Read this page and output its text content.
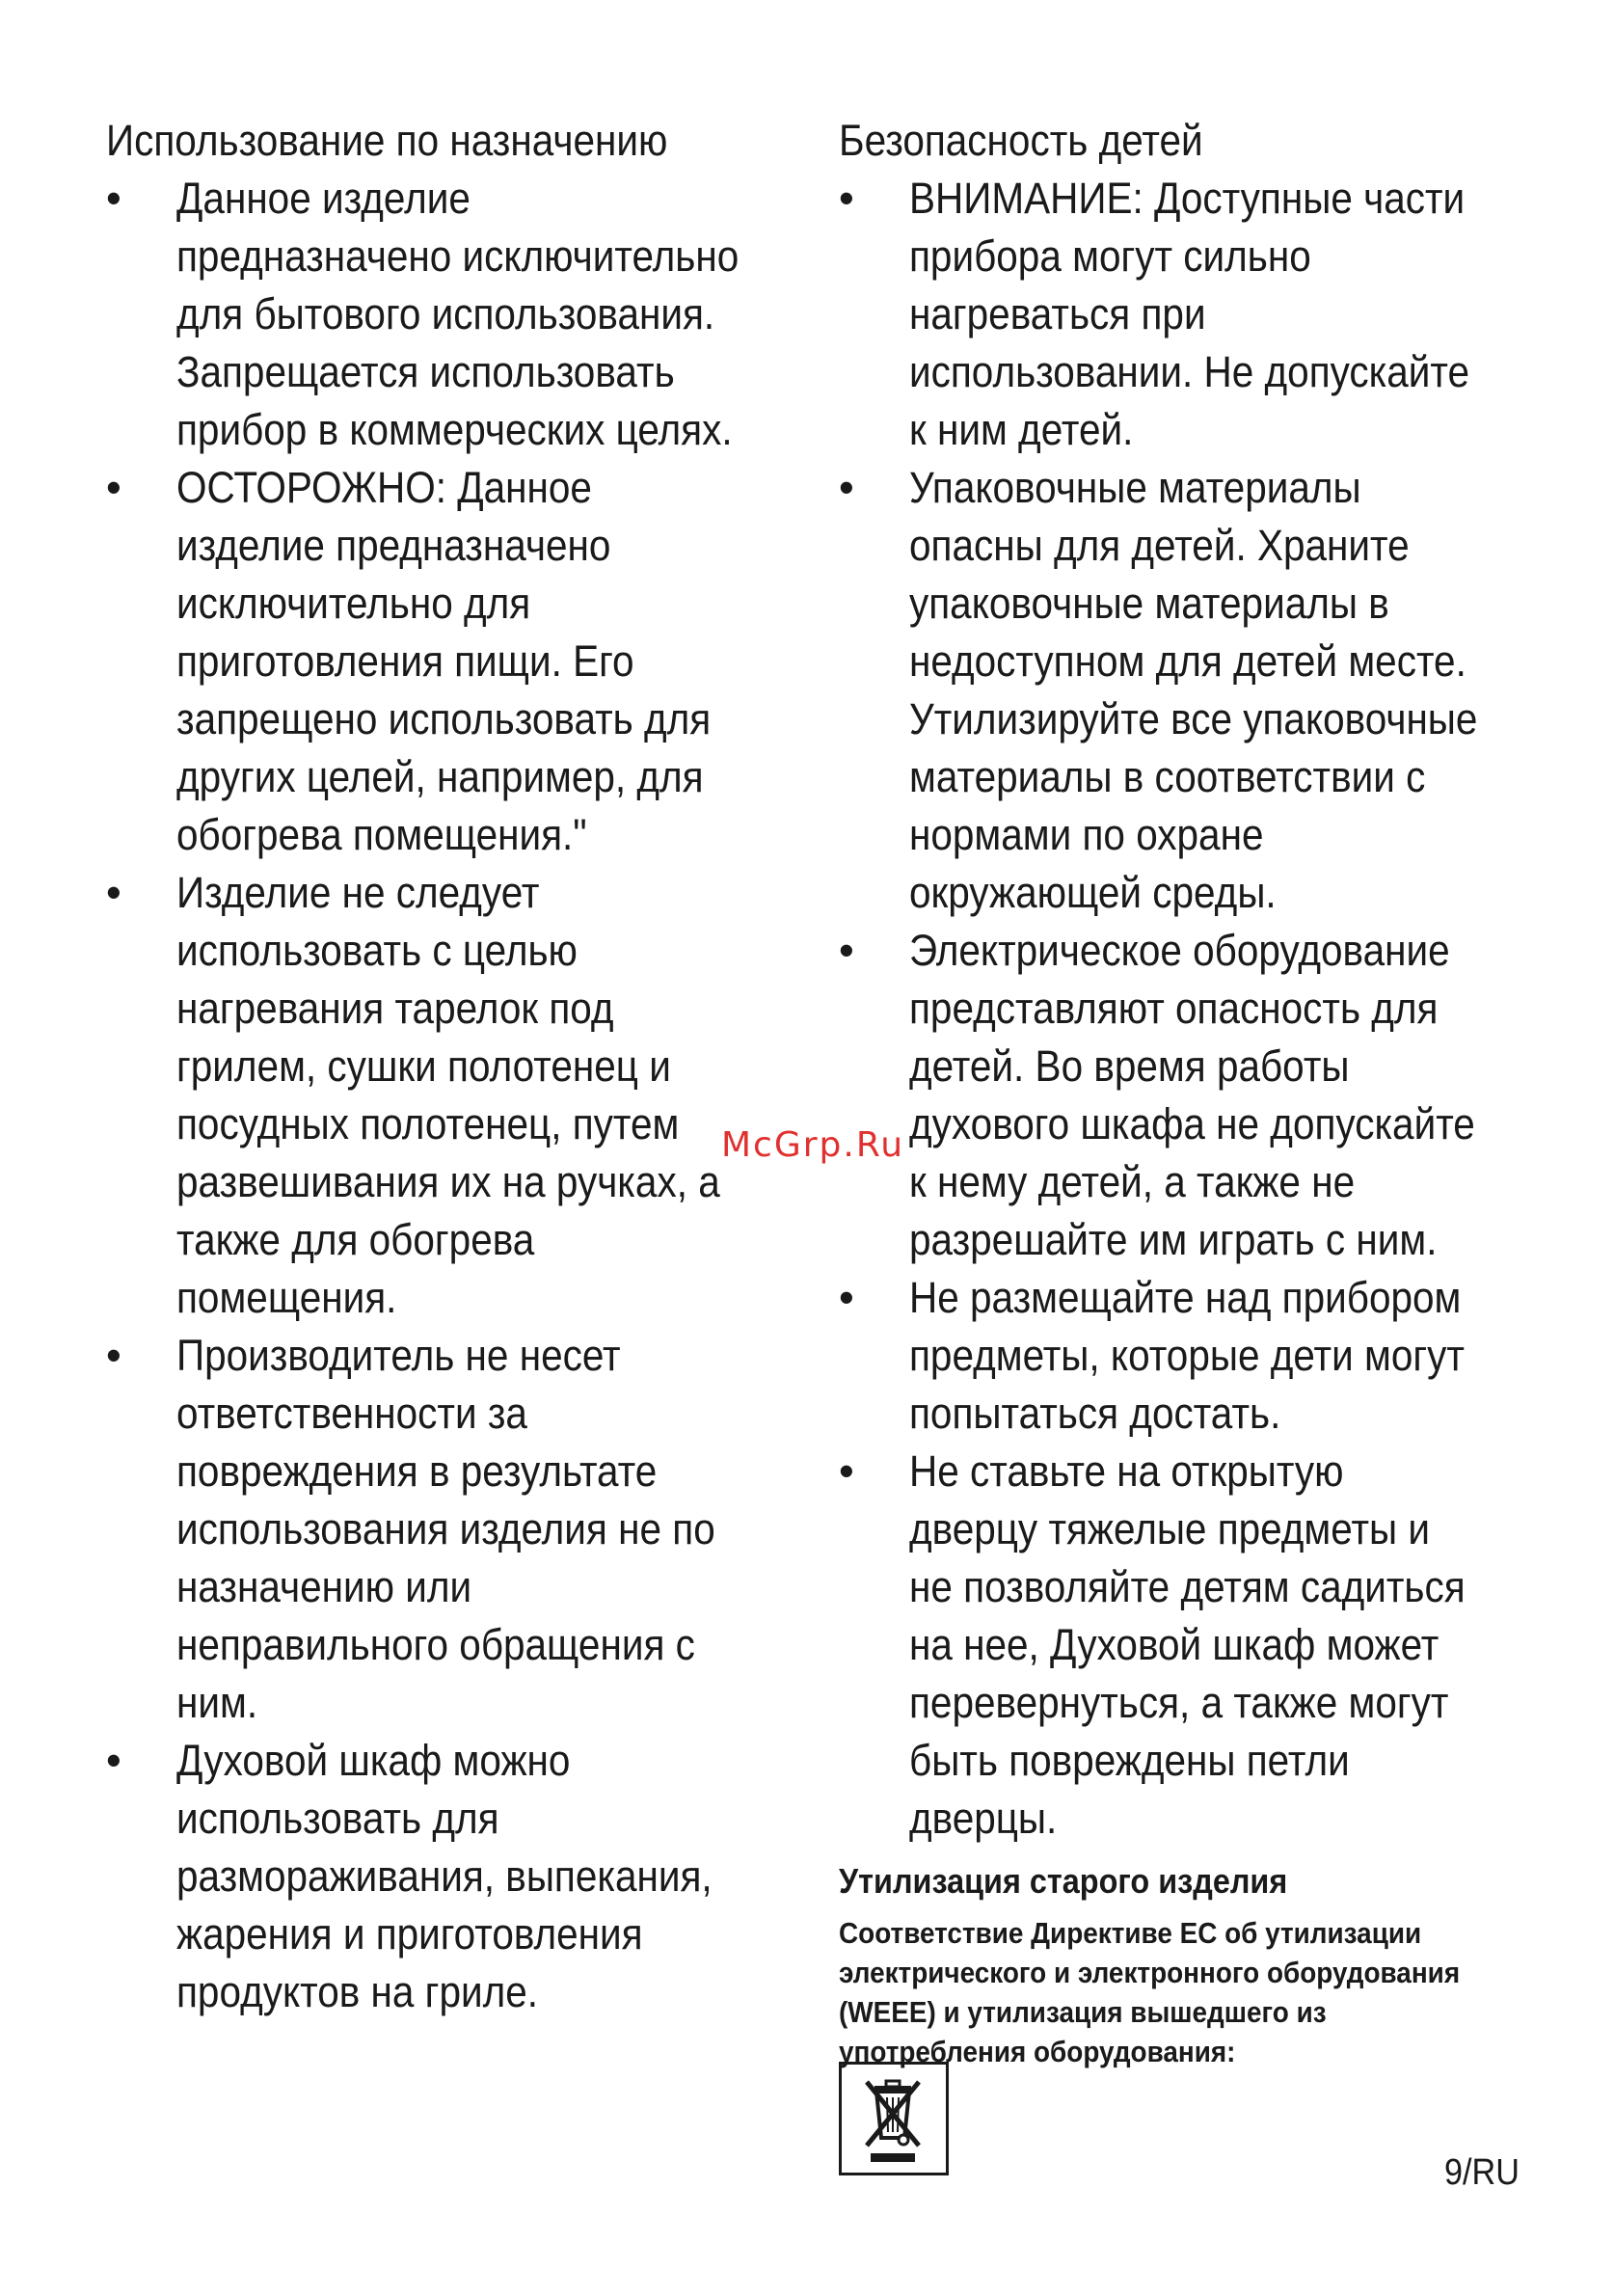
Использование по назначению
• Данное изделие
предназначено исключительно
для бытового использования.
Запрещается использовать
прибор в коммерческих целях.
• ОСТОРОЖНО: Данное
изделие предназначено
исключительно для
приготовления пищи. Его
запрещено использовать для
других целей, например, для
обогрева помещения."
• Изделие не следует
использовать с целью
нагревания тарелок под
грилем, сушки полотенец и
посудных полотенец, путем
развешивания их на ручках, а
также для обогрева
помещения.
• Производитель не несет
ответственности за
повреждения в результате
использования изделия не по
назначению или
неправильного обращения с
ним.
• Духовой шкаф можно
использовать для
размораживания, выпекания,
жарения и приготовления
продуктов на гриле.
Безопасность детей
• ВНИМАНИЕ: Доступные части
прибора могут сильно
нагреваться при
использовании. Не допускайте
к ним детей.
• Упаковочные материалы
опасны для детей. Храните
упаковочные материалы в
недоступном для детей месте.
Утилизируйте все упаковочные
материалы в соответствии с
нормами по охране
окружающей среды.
• Электрическое оборудование
представляют опасность для
детей. Во время работы
духового шкафа не допускайте
к нему детей, а также не
разрешайте им играть с ним.
• Не размещайте над прибором
предметы, которые дети могут
попытаться достать.
• Не ставьте на открытую
дверцу тяжелые предметы и
не позволяйте детям садиться
на нее, Духовой шкаф может
перевернуться, а также могут
быть повреждены петли
дверцы.
Утилизация старого изделия
Соответствие Директиве ЕС об утилизации
электрического и электронного оборудования
(WEEE) и утилизация вышедшего из
употребления оборудования:
McGrp.Ru
9/RU
